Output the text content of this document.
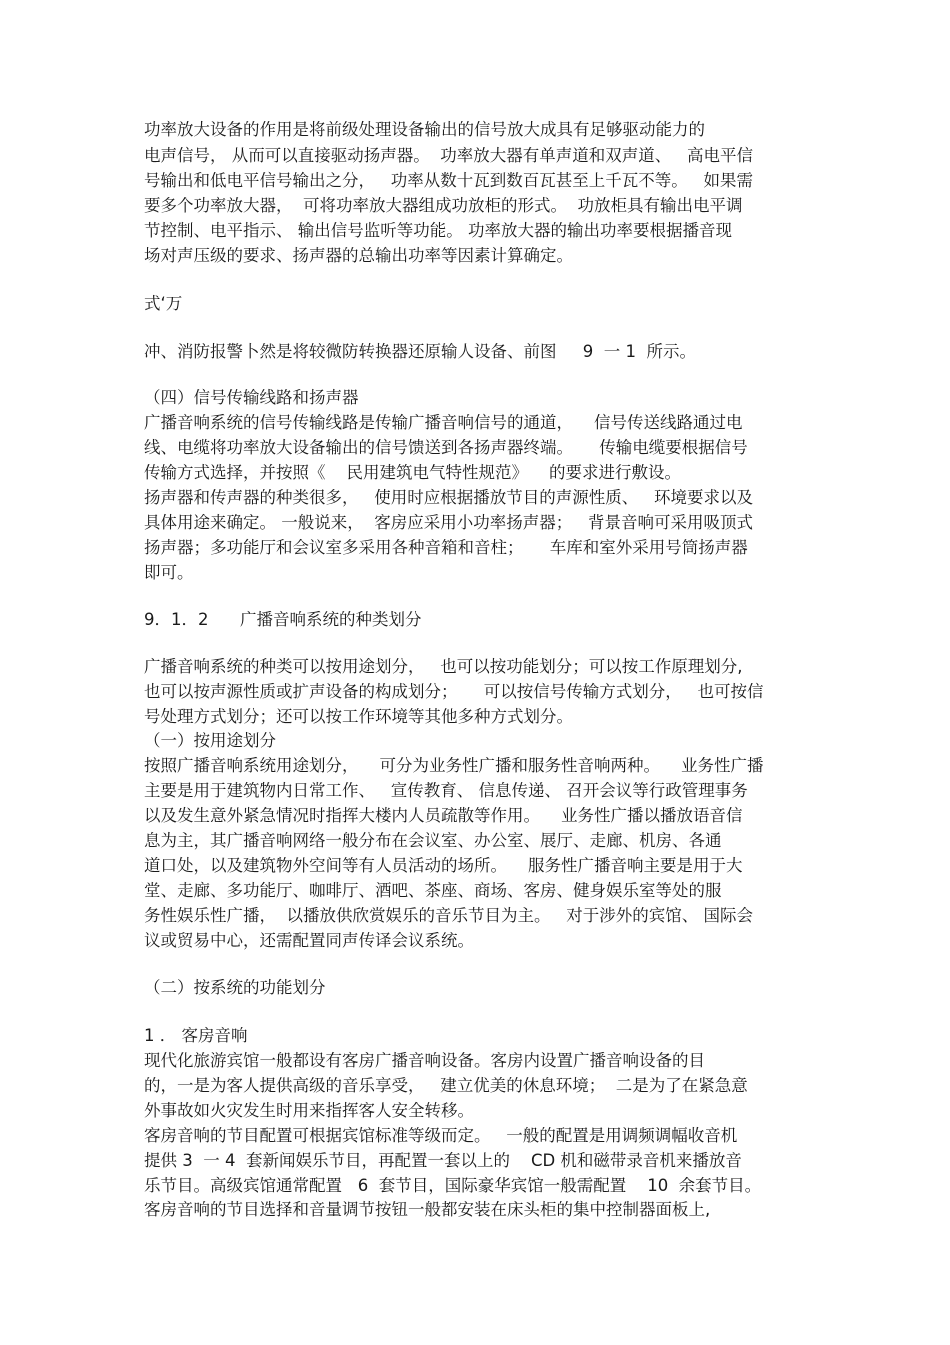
功率放大设备的作用是将前级处理设备输出的信号放大成具有足够驱动能力的
电声信号， 从而可以直接驱动扬声器。  功率放大器有单声道和双声道、   高电平信
号输出和低电平信号输出之分，   功率从数十瓦到数百瓦甚至上千瓦不等。   如果需
要多个功率放大器，  可将功率放大器组成功放柜的形式。  功放柜具有输出电平调
节控制、电平指示、 输出信号监听等功能。 功率放大器的输出功率要根据播音现
场对声压级的要求、扬声器的总输出功率等因素计算确定。
式‘万
冲、消防报警卜然是将较微防转换器还原输人设备、前图     9  一 1  所示。
（四）信号传输线路和扬声器
广播音响系统的信号传输线路是传输广播音响信号的通道，    信号传送线路通过电
线、电缆将功率放大设备输出的信号馈送到各扬声器终端。     传输电缆要根据信号
传输方式选择，并按照《    民用建筑电气特性规范》    的要求进行敷设。
扬声器和传声器的种类很多，   使用时应根据播放节目的声源性质、   环境要求以及
具体用途来确定。 一般说来，  客房应采用小功率扬声器；   背景音响可采用吸顶式
扬声器；多功能厅和会议室多采用各种音箱和音柱；     车库和室外采用号筒扬声器
即可。
9．1．2      广播音响系统的种类划分
广播音响系统的种类可以按用途划分，   也可以按功能划分；可以按工作原理划分,
也可以按声源性质或扩声设备的构成划分；     可以按信号传输方式划分，   也可按信
号处理方式划分；还可以按工作环境等其他多种方式划分。
（一）按用途划分
按照广播音响系统用途划分，    可分为业务性广播和服务性音响两种。    业务性广播
主要是用于建筑物内日常工作、   宣传教育、 信息传递、 召开会议等行政管理事务
以及发生意外紧急情况时指挥大楼内人员疏散等作用。    业务性广播以播放语音信
息为主，其广播音响网络一般分布在会议室、办公室、展厅、走廊、机房、各通
道口处，以及建筑物外空间等有人员活动的场所。    服务性广播音响主要是用于大
堂、走廊、多功能厅、咖啡厅、酒吧、茶座、商场、客房、健身娱乐室等处的服
务性娱乐性广播，  以播放供欣赏娱乐的音乐节目为主。   对于涉外的宾馆、 国际会
议或贸易中心，还需配置同声传译会议系统。
（二）按系统的功能划分
1 ． 客房音响
现代化旅游宾馆一般都设有客房广播音响设备。客房内设置广播音响设备的目
的，一是为客人提供高级的音乐享受，   建立优美的休息环境；  二是为了在紧急意
外事故如火灾发生时用来指挥客人安全转移。
客房音响的节目配置可根据宾馆标准等级而定。   一般的配置是用调频调幅收音机
提供 3  一 4  套新闻娱乐节目，再配置一套以上的    CD 机和磁带录音机来播放音
乐节目。高级宾馆通常配置   6  套节目，国际豪华宾馆一般需配置    10  余套节目。
客房音响的节目选择和音量调节按钮一般都安装在床头柜的集中控制器面板上,
